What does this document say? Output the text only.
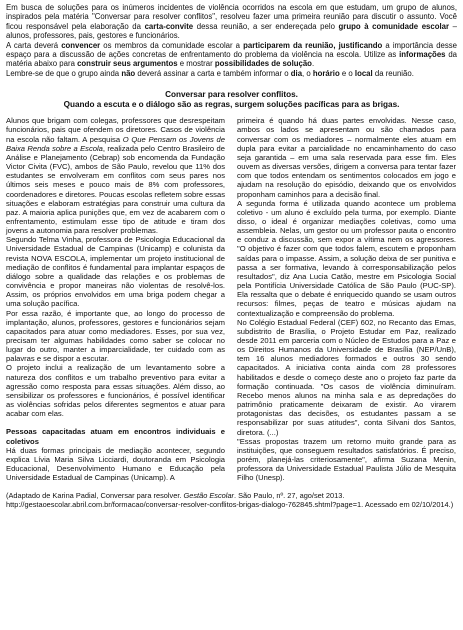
Em busca de soluções para os inúmeros incidentes de violência ocorridos na escola em que estudam, um grupo de alunos, inspirados pela matéria "Conversar para resolver conflitos", resolveu fazer uma primeira reunião para discutir o assunto. Você ficou responsável pela elaboração da carta-convite dessa reunião, a ser endereçada pelo grupo à comunidade escolar – alunos, professores, pais, gestores e funcionários.

A carta deverá convencer os membros da comunidade escolar a participarem da reunião, justificando a importância desse espaço para a discussão de ações concretas de enfrentamento do problema da violência na escola. Utilize as informações da matéria abaixo para construir seus argumentos e mostrar possibilidades de solução.

Lembre-se de que o grupo ainda não deverá assinar a carta e também informar o dia, o horário e o local da reunião.

Conversar para resolver conflitos.
Quando a escuta e o diálogo são as regras, surgem soluções pacíficas para as brigas.

Alunos que brigam com colegas, professores que desrespeitam funcionários, pais que ofendem os diretores. Casos de violência na escola não faltam. A pesquisa O Que Pensam os Jovens de Baixa Renda sobre a Escola, realizada pelo Centro Brasileiro de Análise e Planejamento (Cebrap) sob encomenda da Fundação Victor Civita (FVC), ambos de São Paulo, revelou que 11% dos estudantes se envolveram em conflitos com seus pares nos últimos seis meses e pouco mais de 8% com professores, coordenadores e diretores. Poucas escolas refletem sobre essas situações e elaboram estratégias para construir uma cultura da paz. A maioria aplica punições que, em vez de acabarem com o enfrentamento, estimulam esse tipo de atitude e tiram dos jovens a autonomia para resolver problemas.

Segundo Telma Vinha, professora de Psicologia Educacional da Universidade Estadual de Campinas (Unicamp) e colunista da revista NOVA ESCOLA, implementar um projeto institucional de mediação de conflitos é fundamental para implantar espaços de diálogo sobre a qualidade das relações e os problemas de convivência e propor maneiras não violentas de resolvê-los. Assim, os próprios envolvidos em uma briga podem chegar a uma solução pacífica.

Por essa razão, é importante que, ao longo do processo de implantação, alunos, professores, gestores e funcionários sejam capacitados para atuar como mediadores. Esses, por sua vez, precisam ter algumas habilidades como saber se colocar no lugar do outro, manter a imparcialidade, ter cuidado com as palavras e se dispor a escutar.

O projeto inclui a realização de um levantamento sobre a natureza dos conflitos e um trabalho preventivo para evitar a agressão como resposta para essas situações. Além disso, ao sensibilizar os professores e funcionários, é possível identificar as violências sofridas pelos diferentes segmentos e atuar para acabar com elas.

Pessoas capacitadas atuam em encontros individuais e coletivos

Há duas formas principais de mediação acontecer, segundo explica Lívia Maria Silva Licciardi, doutoranda em Psicologia Educacional, Desenvolvimento Humano e Educação pela Universidade Estadual de Campinas (Unicamp). A

primeira é quando há duas partes envolvidas. Nesse caso, ambos os lados se apresentam ou são chamados para conversar com os mediadores – normalmente eles atuam em dupla para evitar a parcialidade no encaminhamento do caso seja garantida – em uma sala reservada para esse fim. Eles ouvem as diversas versões, dirigem a conversa para tentar fazer com que todos entendam os sentimentos colocados em jogo e ajudam na resolução do episódio, deixando que os envolvidos proponham caminhos para a decisão final.

A segunda forma é utilizada quando acontece um problema coletivo - um aluno é excluído pela turma, por exemplo. Diante disso, o ideal é organizar mediações coletivas, como uma assembleia. Nelas, um gestor ou um professor pauta o encontro e conduz a discussão, sem expor a vítima nem os agressores. "O objetivo é fazer com que todos falem, escutem e proponham saídas para o impasse. Assim, a solução deixa de ser punitiva e passa a ser formativa, levando à corresponsabilização pelos resultados", diz Ana Lucia Catão, mestre em Psicologia Social pela Pontifícia Universidade Católica de São Paulo (PUC-SP). Ela ressalta que o debate é enriquecido quando se usam outros recursos: filmes, peças de teatro e músicas ajudam na contextualização e compreensão do problema.

No Colégio Estadual Federal (CEF) 602, no Recanto das Emas, subdistrito de Brasília, o Projeto Estudar em Paz, realizado desde 2011 em parceria com o Núcleo de Estudos para a Paz e os Direitos Humanos da Universidade de Brasília (NEP/UnB), tem 16 alunos mediadores formados e outros 30 sendo capacitados. A iniciativa conta ainda com 28 professores habilitados e desde o começo deste ano o projeto faz parte da formação continuada. "Os casos de violência diminuíram. Recebo menos alunos na minha sala e as depredações do patrimônio praticamente deixaram de existir. Ao virarem protagonistas das decisões, os estudantes passam a se responsabilizar por suas atitudes", conta Silvani dos Santos, diretora. (...)

"Essas propostas trazem um retorno muito grande para as instituições, que conseguem resultados satisfatórios. É preciso, porém, planejá-las criteriosamente", afirma Suzana Menin, professora da Universidade Estadual Paulista Júlio de Mesquita Filho (Unesp).

(Adaptado de Karina Padial, Conversar para resolver. Gestão Escolar. São Paulo, nº. 27, ago/set 2013. http://gestaoescolar.abril.com.br/formacao/conversar-resolver-conflitos-brigas-dialogo-762845.shtml?page=1. Acessado em 02/10/2014.)
